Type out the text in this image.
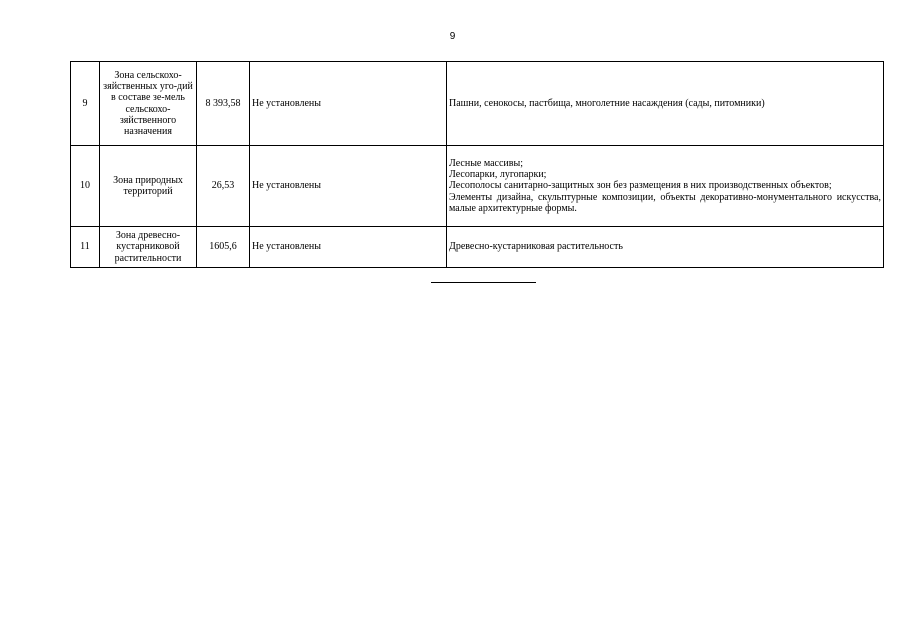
9
9	Зона сельскохо-зяйственных уго-дий в составе зе-мель сельскохо-зяйственного назначения	8 393,58	Не установлены	Пашни, сенокосы, пастбища, многолетние насаждения (сады, питомники)

10	Зона природных территорий	26,53	Не установлены	Лесные массивы;
Лесопарки, лугопарки;
Лесополосы санитарно-защитных зон без размещения в них производственных объектов;
Элементы дизайна, скульптурные композиции, объекты декоративно-монументального искусства, малые архитектурные формы.

11	Зона древесно-кустарниковой растительности	1605,6	Не установлены	Древесно-кустарниковая растительность
